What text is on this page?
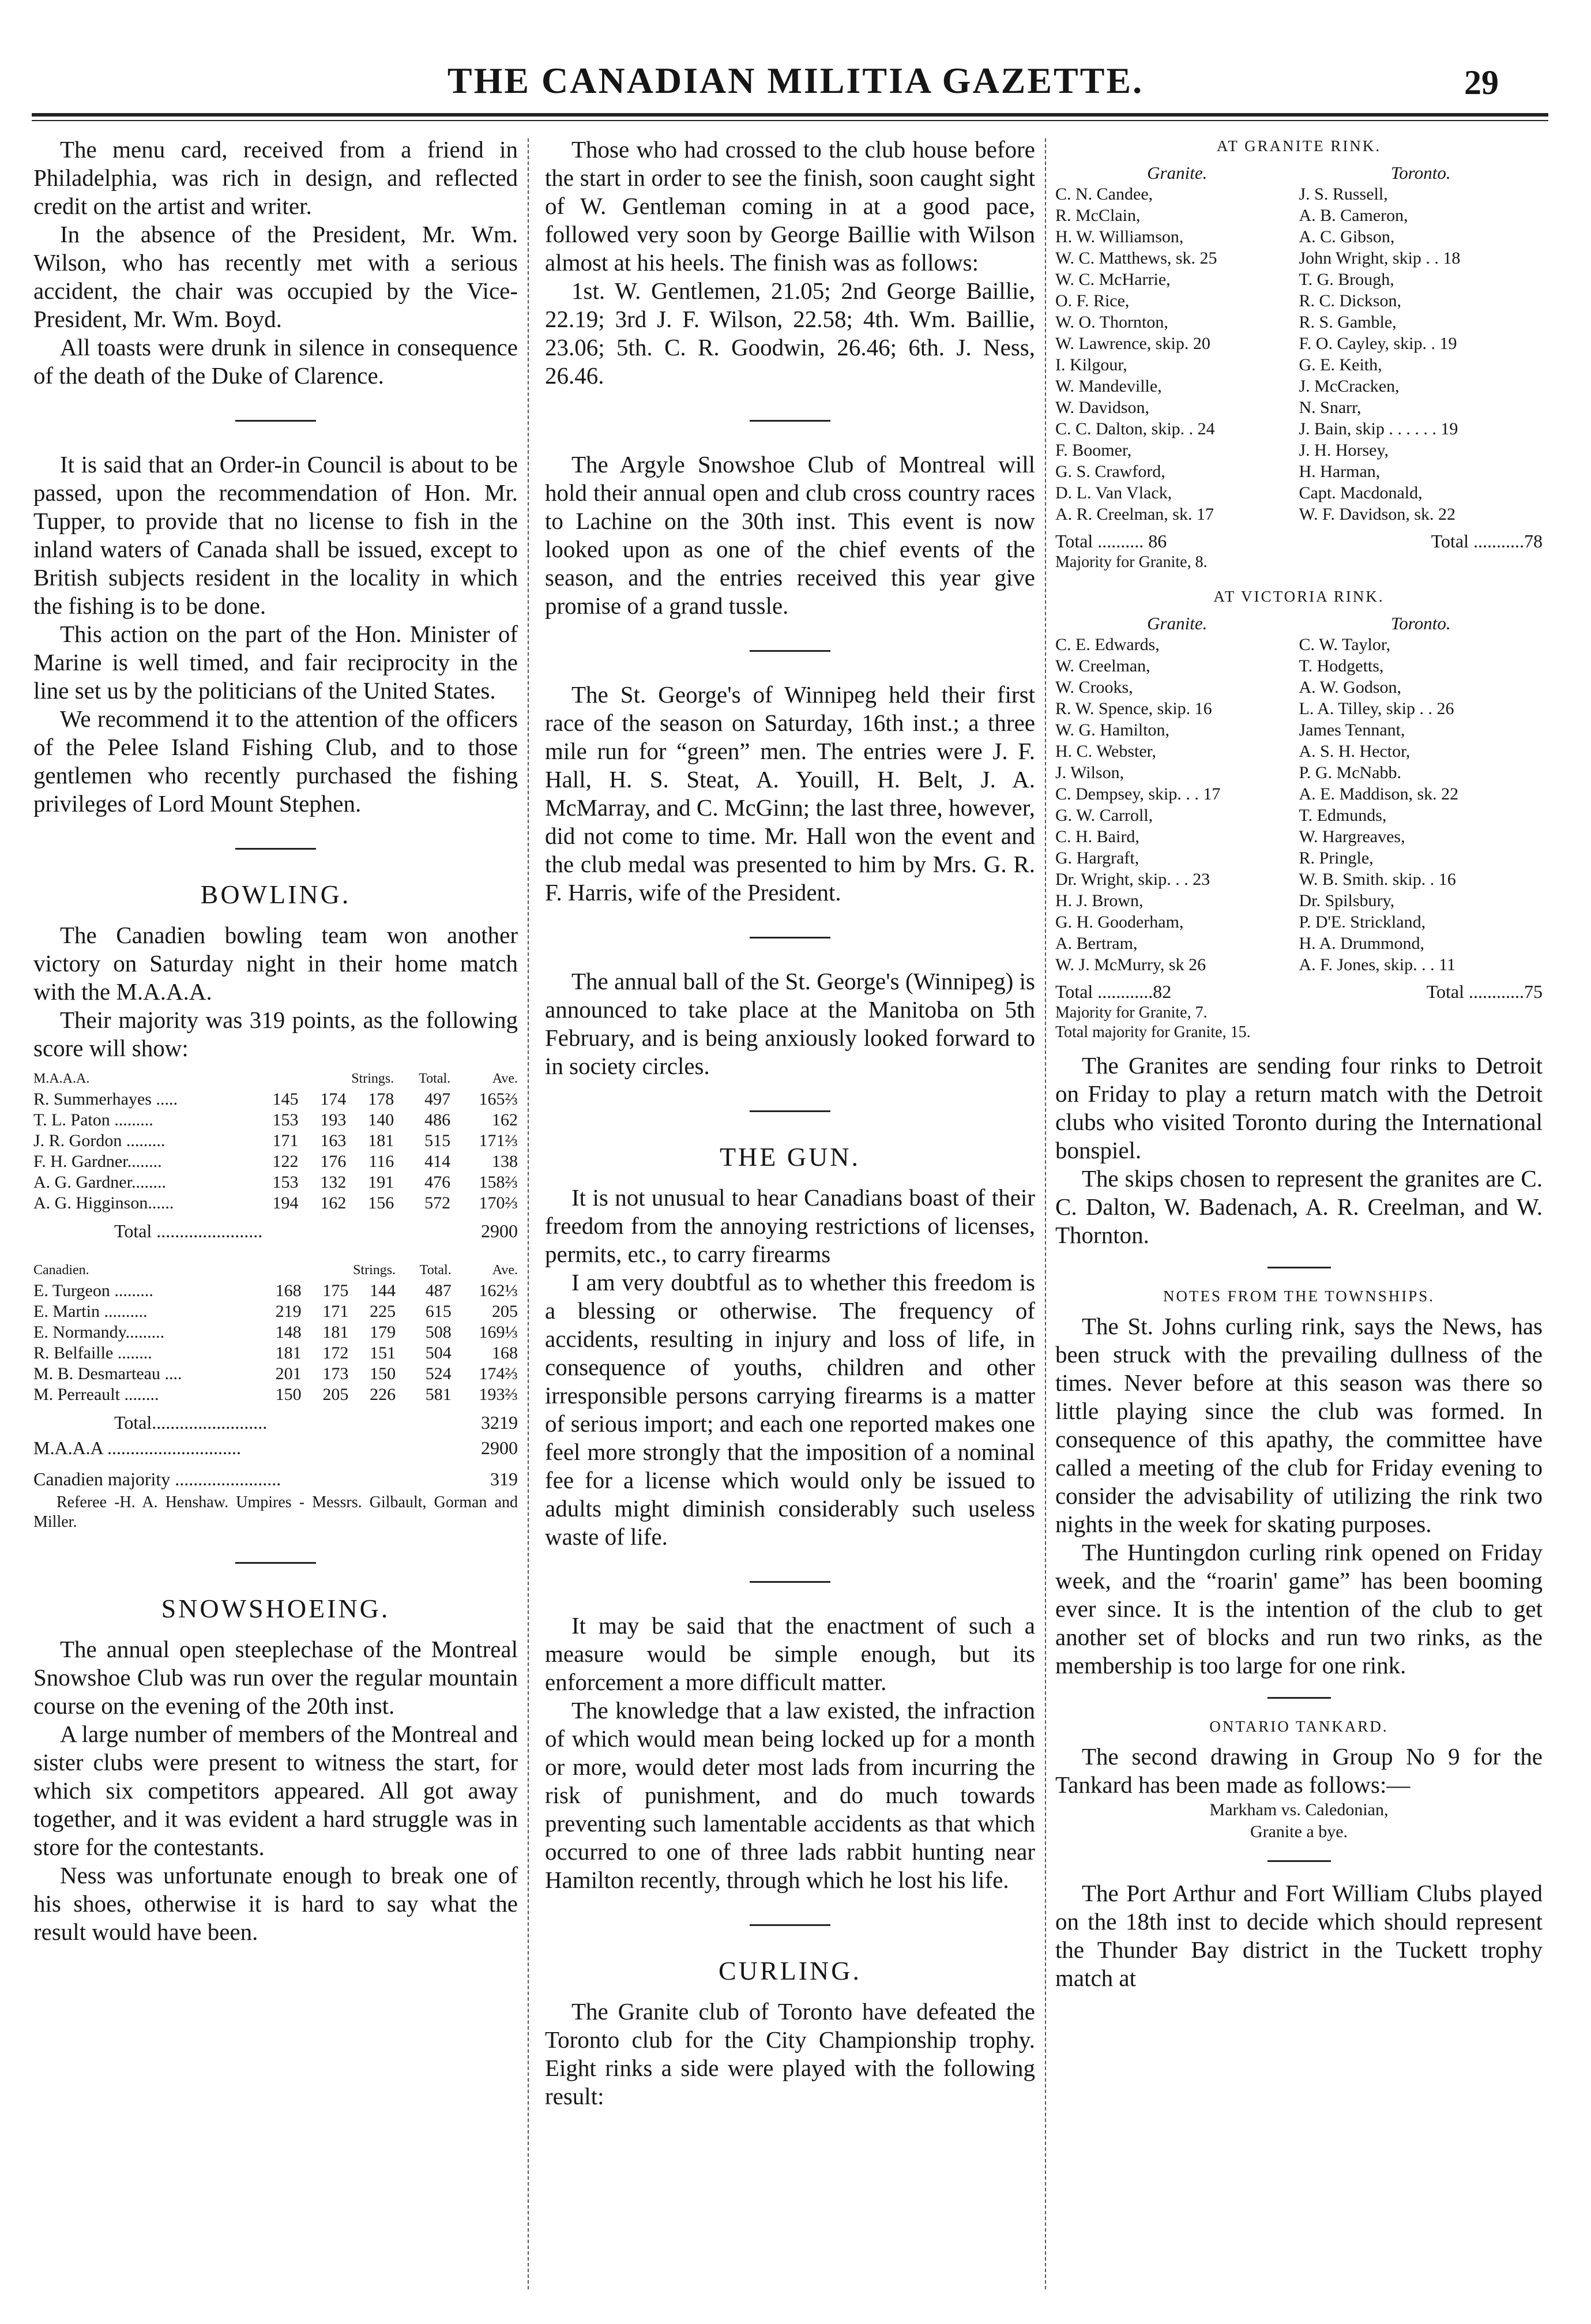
THE CANADIAN MILITIA GAZETTE.	29

The menu card, received from a friend in Philadelphia, was rich in design, and reflected credit on the artist and writer.

In the absence of the President, Mr. Wm. Wilson, who has recently met with a serious accident, the chair was occupied by the Vice-President, Mr. Wm. Boyd.

All toasts were drunk in silence in consequence of the death of the Duke of Clarence.

It is said that an Order-in Council is about to be passed, upon the recommendation of Hon. Mr. Tupper, to provide that no license to fish in the inland waters of Canada shall be issued, except to British subjects resident in the locality in which the fishing is to be done.

This action on the part of the Hon. Minister of Marine is well timed, and fair reciprocity in the line set us by the politicians of the United States.

We recommend it to the attention of the officers of the Pelee Island Fishing Club, and to those gentlemen who recently purchased the fishing privileges of Lord Mount Stephen.

BOWLING.

The Canadien bowling team won another victory on Saturday night in their home match with the M.A.A.A.

Their majority was 319 points, as the following score will show:

M.A.A.A.	Strings.			Total.	Ave.
R. Summerhayes .....	145	174	178	497	165⅔
T. L. Paton .........	153	193	140	486	162
J. R. Gordon .........	171	163	181	515	171⅔
F. H. Gardner........	122	176	116	414	138
A. G. Gardner........	153	132	191	476	158⅔
A. G. Higginson......	194	162	156	572	170⅔
Total .......................	2900
Canadien.	Strings.			Total.	Ave.
E. Turgeon .........	168	175	144	487	162⅓
E. Martin ..........	219	171	225	615	205
E. Normandy.........	148	181	179	508	169⅓
R. Belfaille ........	181	172	151	504	168
M. B. Desmarteau ....	201	173	150	524	174⅔
M. Perreault ........	150	205	226	581	193⅔
Total.........................	3219
M.A.A.A .............................	2900
Canadien majority .......................	319

Referee -H. A. Henshaw. Umpires - Messrs. Gilbault, Gorman and Miller.

SNOWSHOEING.

The annual open steeplechase of the Montreal Snowshoe Club was run over the regular mountain course on the evening of the 20th inst.

A large number of members of the Montreal and sister clubs were present to witness the start, for which six competitors appeared. All got away together, and it was evident a hard struggle was in store for the contestants.

Ness was unfortunate enough to break one of his shoes, otherwise it is hard to say what the result would have been.

Those who had crossed to the club house before the start in order to see the finish, soon caught sight of W. Gentleman coming in at a good pace, followed very soon by George Baillie with Wilson almost at his heels. The finish was as follows:

1st. W. Gentlemen, 21.05; 2nd George Baillie, 22.19; 3rd J. F. Wilson, 22.58; 4th. Wm. Baillie, 23.06; 5th. C. R. Goodwin, 26.46; 6th. J. Ness, 26.46.

The Argyle Snowshoe Club of Montreal will hold their annual open and club cross country races to Lachine on the 30th inst. This event is now looked upon as one of the chief events of the season, and the entries received this year give promise of a grand tussle.

The St. George's of Winnipeg held their first race of the season on Saturday, 16th inst.; a three mile run for “green” men. The entries were J. F. Hall, H. S. Steat, A. Youill, H. Belt, J. A. McMarray, and C. McGinn; the last three, however, did not come to time. Mr. Hall won the event and the club medal was presented to him by Mrs. G. R. F. Harris, wife of the President.

The annual ball of the St. George's (Winnipeg) is announced to take place at the Manitoba on 5th February, and is being anxiously looked forward to in society circles.

THE GUN.

It is not unusual to hear Canadians boast of their freedom from the annoying restrictions of licenses, permits, etc., to carry firearms

I am very doubtful as to whether this freedom is a blessing or otherwise. The frequency of accidents, resulting in injury and loss of life, in consequence of youths, children and other irresponsible persons carrying firearms is a matter of serious import; and each one reported makes one feel more strongly that the imposition of a nominal fee for a license which would only be issued to adults might diminish considerably such useless waste of life.

It may be said that the enactment of such a measure would be simple enough, but its enforcement a more difficult matter.

The knowledge that a law existed, the infraction of which would mean being locked up for a month or more, would deter most lads from incurring the risk of punishment, and do much towards preventing such lamentable accidents as that which occurred to one of three lads rabbit hunting near Hamilton recently, through which he lost his life.

CURLING.

The Granite club of Toronto have defeated the Toronto club for the City Championship trophy. Eight rinks a side were played with the following result:

AT GRANITE RINK.
Granite.	Toronto.
C. N. Candee,	J. S. Russell,
R. McClain,	A. B. Cameron,
H. W. Williamson,	A. C. Gibson,
W. C. Matthews, sk. 25	John Wright, skip . . 18
W. C. McHarrie,	T. G. Brough,
O. F. Rice,	R. C. Dickson,
W. O. Thornton,	R. S. Gamble,
W. Lawrence, skip. 20	F. O. Cayley, skip. . 19
I. Kilgour,	G. E. Keith,
W. Mandeville,	J. McCracken,
W. Davidson,	N. Snarr,
C. C. Dalton, skip. . 24	J. Bain, skip . . . . . . 19
F. Boomer,	J. H. Horsey,
G. S. Crawford,	H. Harman,
D. L. Van Vlack,	Capt. Macdonald,
A. R. Creelman, sk. 17	W. F. Davidson, sk. 22
Total .......... 86	Total ...........78
Majority for Granite, 8.
AT VICTORIA RINK.
Granite.	Toronto.
C. E. Edwards,	C. W. Taylor,
W. Creelman,	T. Hodgetts,
W. Crooks,	A. W. Godson,
R. W. Spence, skip. 16	L. A. Tilley, skip . . 26
W. G. Hamilton,	James Tennant,
H. C. Webster,	A. S. H. Hector,
J. Wilson,	P. G. McNabb.
C. Dempsey, skip. . . 17	A. E. Maddison, sk. 22
G. W. Carroll,	T. Edmunds,
C. H. Baird,	W. Hargreaves,
G. Hargraft,	R. Pringle,
Dr. Wright, skip. . . 23	W. B. Smith. skip. . 16
H. J. Brown,	Dr. Spilsbury,
G. H. Gooderham,	P. D'E. Strickland,
A. Bertram,	H. A. Drummond,
W. J. McMurry, sk 26	A. F. Jones, skip. . . 11
Total ............82	Total ............75
Majority for Granite, 7.
Total majority for Granite, 15.

The Granites are sending four rinks to Detroit on Friday to play a return match with the Detroit clubs who visited Toronto during the International bonspiel.

The skips chosen to represent the granites are C. C. Dalton, W. Badenach, A. R. Creelman, and W. Thornton.

NOTES FROM THE TOWNSHIPS.

The St. Johns curling rink, says the News, has been struck with the prevailing dullness of the times. Never before at this season was there so little playing since the club was formed. In consequence of this apathy, the committee have called a meeting of the club for Friday evening to consider the advisability of utilizing the rink two nights in the week for skating purposes.

The Huntingdon curling rink opened on Friday week, and the “roarin' game” has been booming ever since. It is the intention of the club to get another set of blocks and run two rinks, as the membership is too large for one rink.

ONTARIO TANKARD.

The second drawing in Group No 9 for the Tankard has been made as follows:—

Markham vs. Caledonian,
Granite a bye.

The Port Arthur and Fort William Clubs played on the 18th inst to decide which should represent the Thunder Bay district in the Tuckett trophy match at
